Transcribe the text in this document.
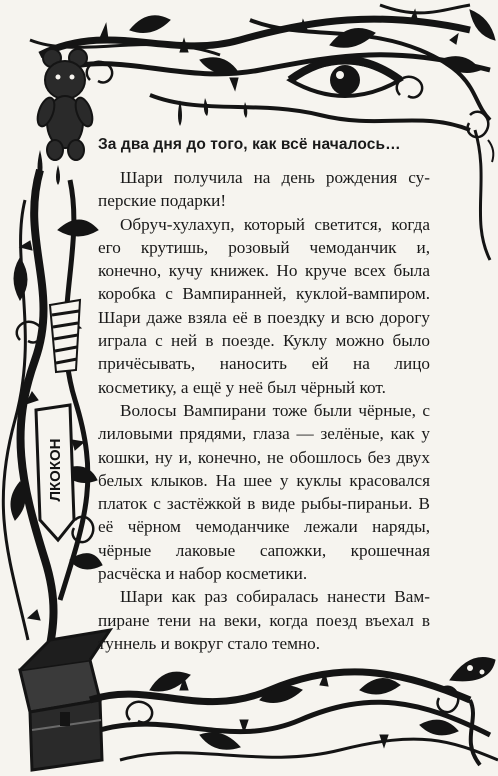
ЛКОКОН
За два дня до того, как всё началось…

Шари получила на день рождения суперские подарки!

Обруч-хулахуп, который светится, когда его крутишь, розовый чемоданчик и, конечно, кучу книжек. Но круче всех была коробка с Вампиранней, куклой-вампиром. Шари даже взяла её в поездку и всю дорогу играла с ней в поезде. Куклу можно было причёсывать, наносить ей на лицо косметику, а ещё у неё был чёрный кот.

Волосы Вампирани тоже были чёрные, с лиловыми прядями, глаза — зелёные, как у кошки, ну и, конечно, не обошлось без двух белых клыков. На шее у куклы красовался платок с застёжкой в виде рыбы-пираньи. В её чёрном чемоданчике лежали наряды, чёрные лаковые сапожки, крошечная расчёска и набор косметики.

Шари как раз собиралась нанести Вампиране тени на веки, когда поезд въехал в туннель и вокруг стало темно.
